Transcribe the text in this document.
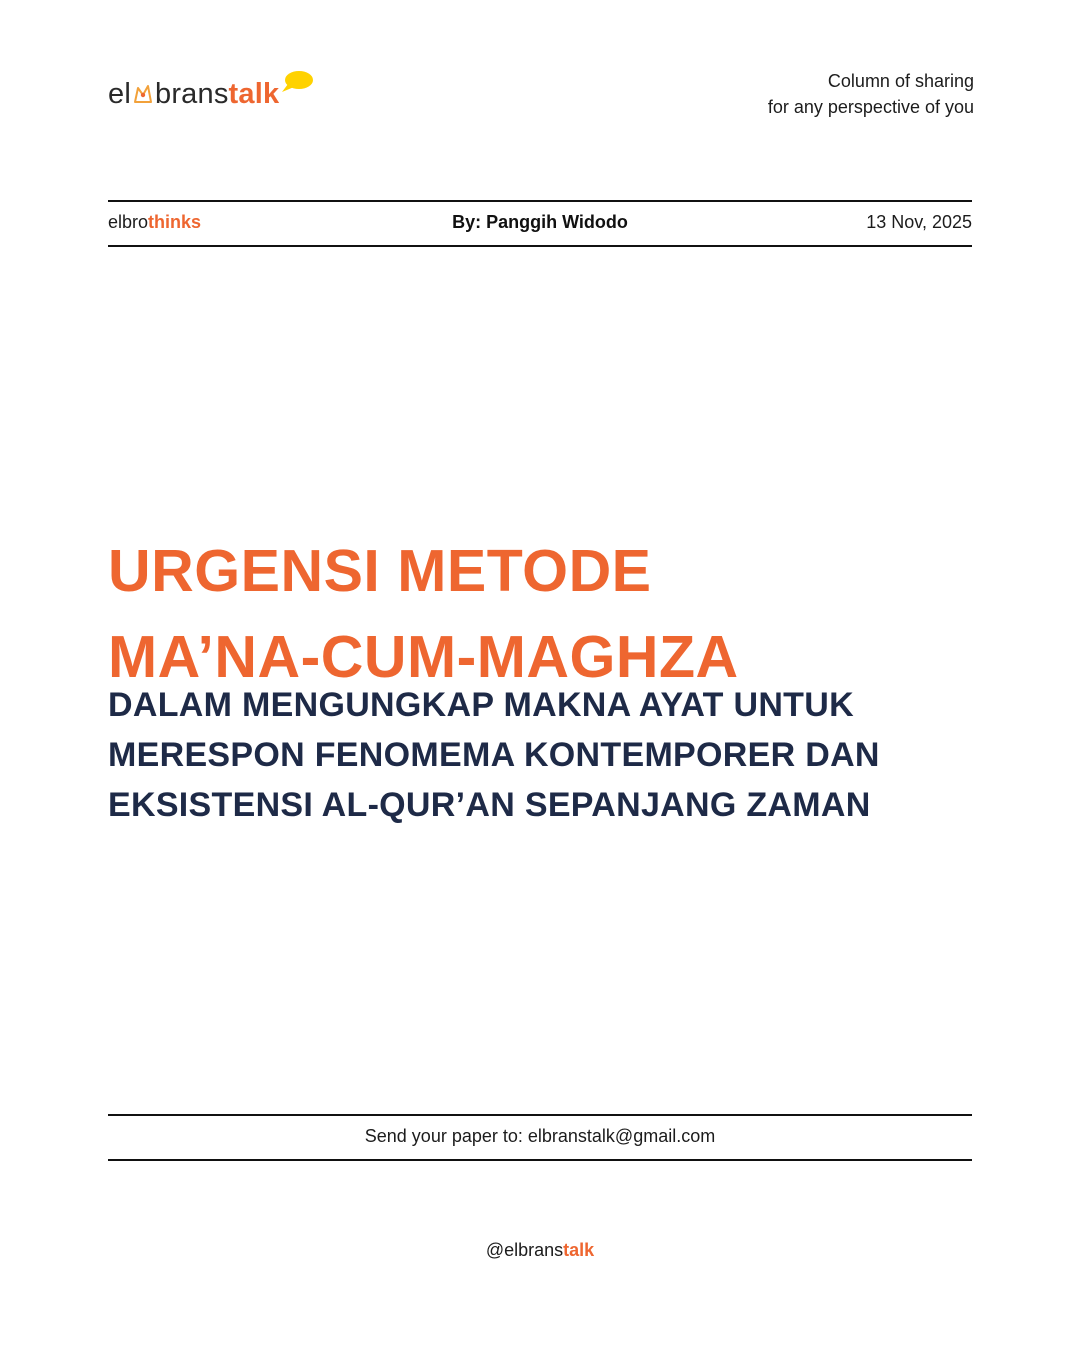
el branstalk	Column of sharing
for any perspective of you
By: Panggih Widodo
elbrothinks	13 Nov, 2025
URGENSI METODE
MA’NA-CUM-MAGHZA
DALAM MENGUNGKAP MAKNA AYAT UNTUK
MERESPON FENOMEMA KONTEMPORER DAN
EKSISTENSI AL-QUR’AN SEPANJANG ZAMAN
Send your paper to: elbranstalk@gmail.com
@elbranstalk
